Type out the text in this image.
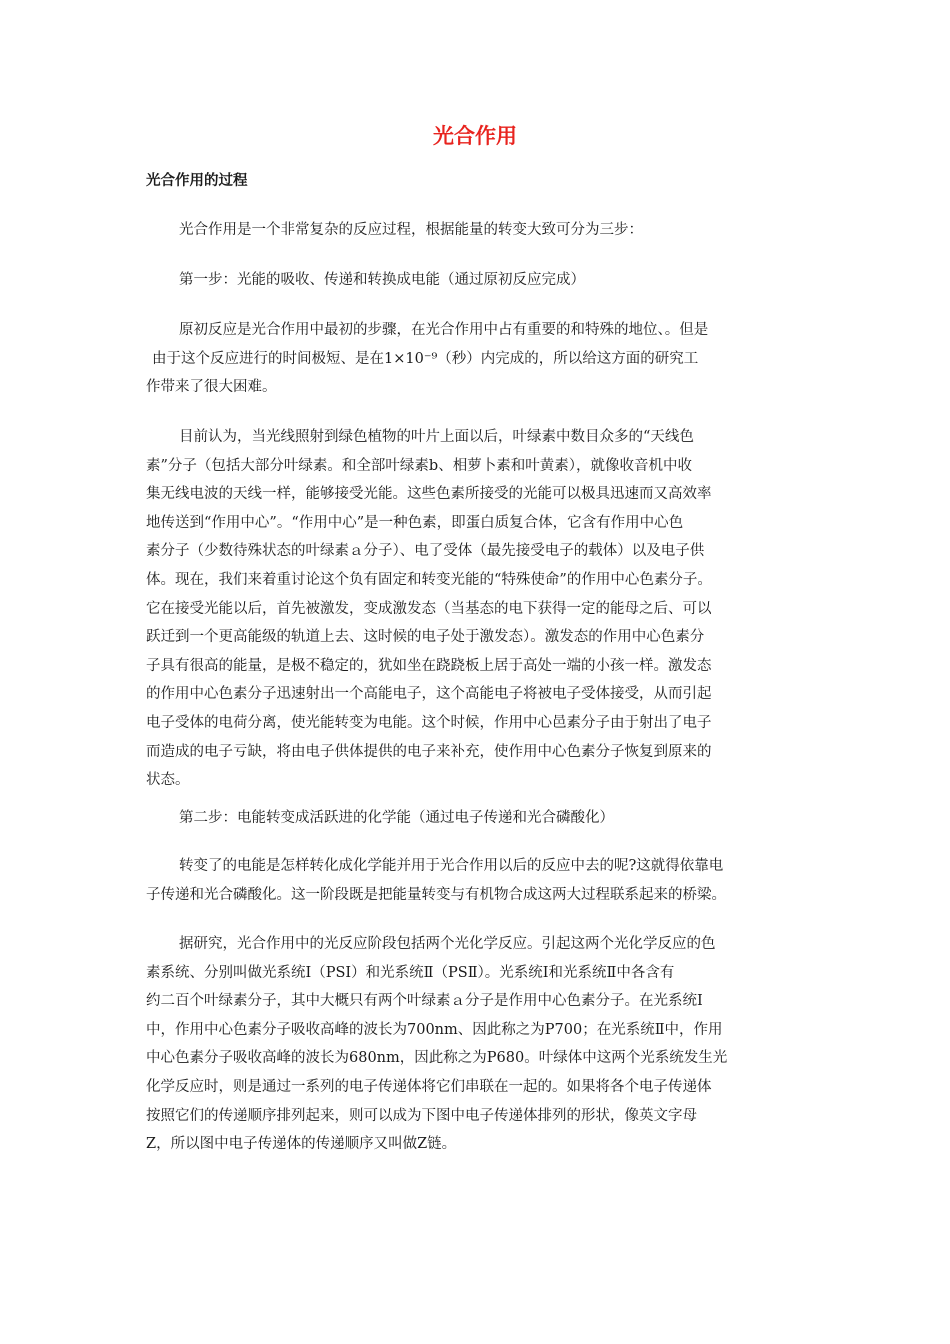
光合作用
光合作用的过程

光合作用是一个非常复杂的反应过程，根据能量的转变大致可分为三步：

第一步：光能的吸收、传递和转换成电能（通过原初反应完成）

原初反应是光合作用中最初的步骤，在光合作用中占有重要的和特殊的地位、。但是
由于这个反应进行的时间极短、是在1×10⁻⁹（秒）内完成的，所以给这方面的研究工
作带来了很大困难。

目前认为，当光线照射到绿色植物的叶片上面以后，叶绿素中数目众多的“天线色
素”分子（包括大部分叶绿素。和全部叶绿素b、相萝卜素和叶黄素），就像收音机中收
集无线电波的天线一样，能够接受光能。这些色素所接受的光能可以极具迅速而又高效率
地传送到“作用中心”。“作用中心”是一种色素，即蛋白质复合体，它含有作用中心色
素分子（少数待殊状态的叶绿素ａ分子）、电了受体（最先接受电子的载体）以及电子供
体。现在，我们来着重讨论这个负有固定和转变光能的“特殊使命”的作用中心色素分子。
它在接受光能以后，首先被激发，变成激发态（当基态的电下获得一定的能母之后、可以
跃迁到一个更高能级的轨道上去、这时候的电子处于激发态）。激发态的作用中心色素分
子具有很高的能量，是极不稳定的，犹如坐在跷跷板上居于高处一端的小孩一样。激发态
的作用中心色素分子迅速射出一个高能电子，这个高能电子将被电子受体接受，从而引起
电子受体的电荷分离，使光能转变为电能。这个时候，作用中心邑素分子由于射出了电子
而造成的电子亏缺，将由电子供体提供的电子来补充，使作用中心色素分子恢复到原来的
状态。

第二步：电能转变成活跃进的化学能（通过电子传递和光合磷酸化）

转变了的电能是怎样转化成化学能并用于光合作用以后的反应中去的呢?这就得依靠电
子传递和光合磷酸化。这一阶段既是把能量转变与有机物合成这两大过程联系起来的桥梁。

据研究，光合作用中的光反应阶段包括两个光化学反应。引起这两个光化学反应的色
素系统、分别叫做光系统Ⅰ（PSⅠ）和光系统Ⅱ（PSⅡ）。光系统Ⅰ和光系统Ⅱ中各含有
约二百个叶绿素分子，其中大概只有两个叶绿素ａ分子是作用中心色素分子。在光系统Ⅰ
中，作用中心色素分子吸收高峰的波长为700nm、因此称之为P700；在光系统Ⅱ中，作用
中心色素分子吸收高峰的波长为680nm，因此称之为P680。叶绿体中这两个光系统发生光
化学反应时，则是通过一系列的电子传递体将它们串联在一起的。如果将各个电子传递体
按照它们的传递顺序排列起来，则可以成为下图中电子传递体排列的形状，像英文字母
Z，所以图中电子传递体的传递顺序又叫做Z链。
